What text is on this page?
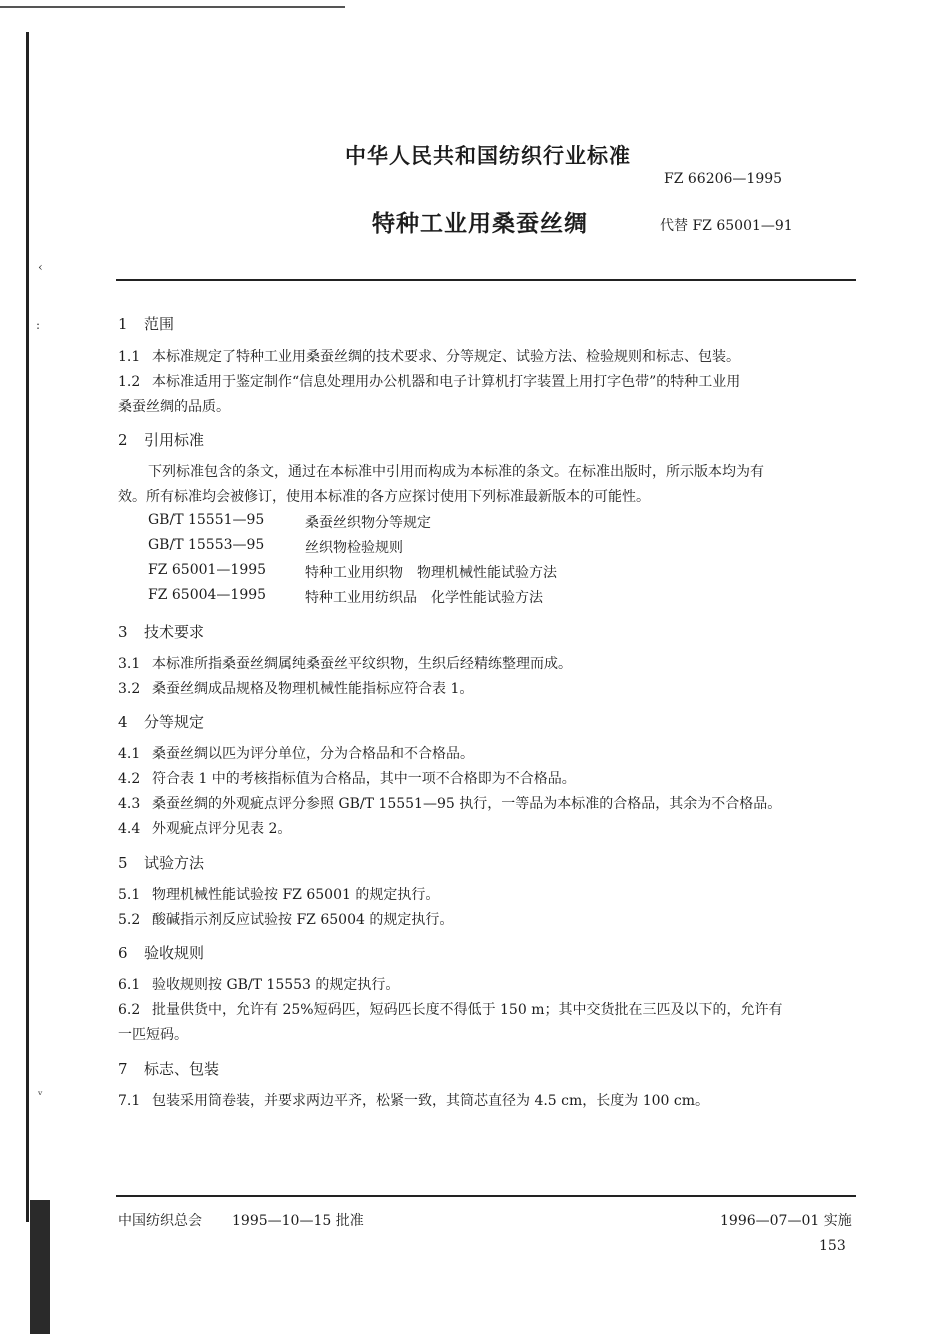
‹
:
ᵛ
中华人民共和国纺织行业标准
FZ 66206—1995
特种工业用桑蚕丝绸	代替 FZ 65001—91
1 范围
1.1 本标准规定了特种工业用桑蚕丝绸的技术要求、分等规定、试验方法、检验规则和标志、包装。
1.2 本标准适用于鉴定制作“信息处理用办公机器和电子计算机打字装置上用打字色带”的特种工业用
桑蚕丝绸的品质。
2 引用标准
下列标准包含的条文，通过在本标准中引用而构成为本标准的条文。在标准出版时，所示版本均为有
效。所有标准均会被修订，使用本标准的各方应探讨使用下列标准最新版本的可能性。
GB/T 15551—95	桑蚕丝织物分等规定
GB/T 15553—95	丝织物检验规则
FZ 65001—1995	特种工业用织物　物理机械性能试验方法
FZ 65004—1995	特种工业用纺织品　化学性能试验方法
3 技术要求
3.1 本标准所指桑蚕丝绸属纯桑蚕丝平纹织物，生织后经精练整理而成。
3.2 桑蚕丝绸成品规格及物理机械性能指标应符合表 1。
4 分等规定
4.1 桑蚕丝绸以匹为评分单位，分为合格品和不合格品。
4.2 符合表 1 中的考核指标值为合格品，其中一项不合格即为不合格品。
4.3 桑蚕丝绸的外观疵点评分参照 GB/T 15551—95 执行，一等品为本标准的合格品，其余为不合格品。
4.4 外观疵点评分见表 2。
5 试验方法
5.1 物理机械性能试验按 FZ 65001 的规定执行。
5.2 酸碱指示剂反应试验按 FZ 65004 的规定执行。
6 验收规则
6.1 验收规则按 GB/T 15553 的规定执行。
6.2 批量供货中，允许有 25%短码匹，短码匹长度不得低于 150 m；其中交货批在三匹及以下的，允许有
一匹短码。
7 标志、包装
7.1 包装采用筒卷装，并要求两边平齐，松紧一致，其筒芯直径为 4.5 cm，长度为 100 cm。
中国纺织总会 1995—10—15 批准	1996—07—01 实施
153
